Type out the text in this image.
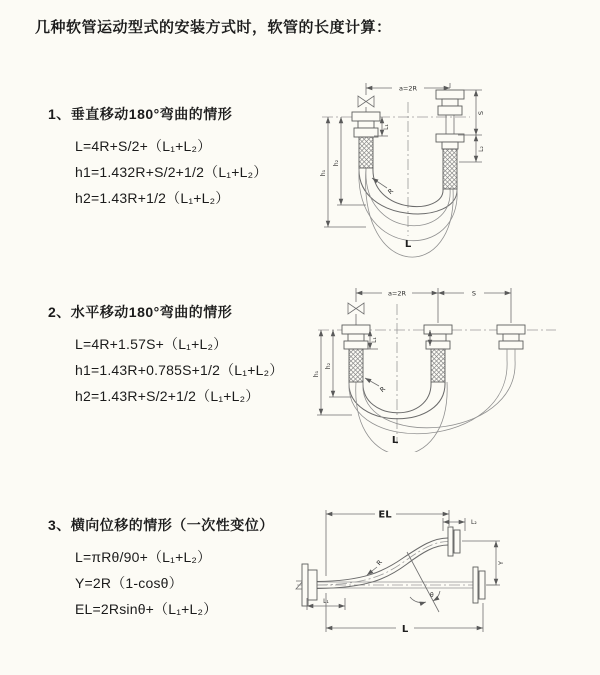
几种软管运动型式的安装方式时，软管的长度计算：
1、垂直移动180°弯曲的情形
L=4R+S/2+（L₁+L₂）
h1=1.432R+S/2+1/2（L₁+L₂）
h2=1.43R+1/2（L₁+L₂）
a=2R
S
L₂
L₁
h₁
h₂
R
L
2、水平移动180°弯曲的情形
L=4R+1.57S+（L₁+L₂）
h1=1.43R+0.785S+1/2（L₁+L₂）
h2=1.43R+S/2+1/2（L₁+L₂）
a=2R	S
L₁
h₁
h₂
R
L
3、横向位移的情形（一次性变位）
L=πRθ/90+（L₁+L₂）
Y=2R（1-cosθ）
EL=2Rsinθ+（L₁+L₂）
θ
R
EL
L₂
Y
L₁
L
